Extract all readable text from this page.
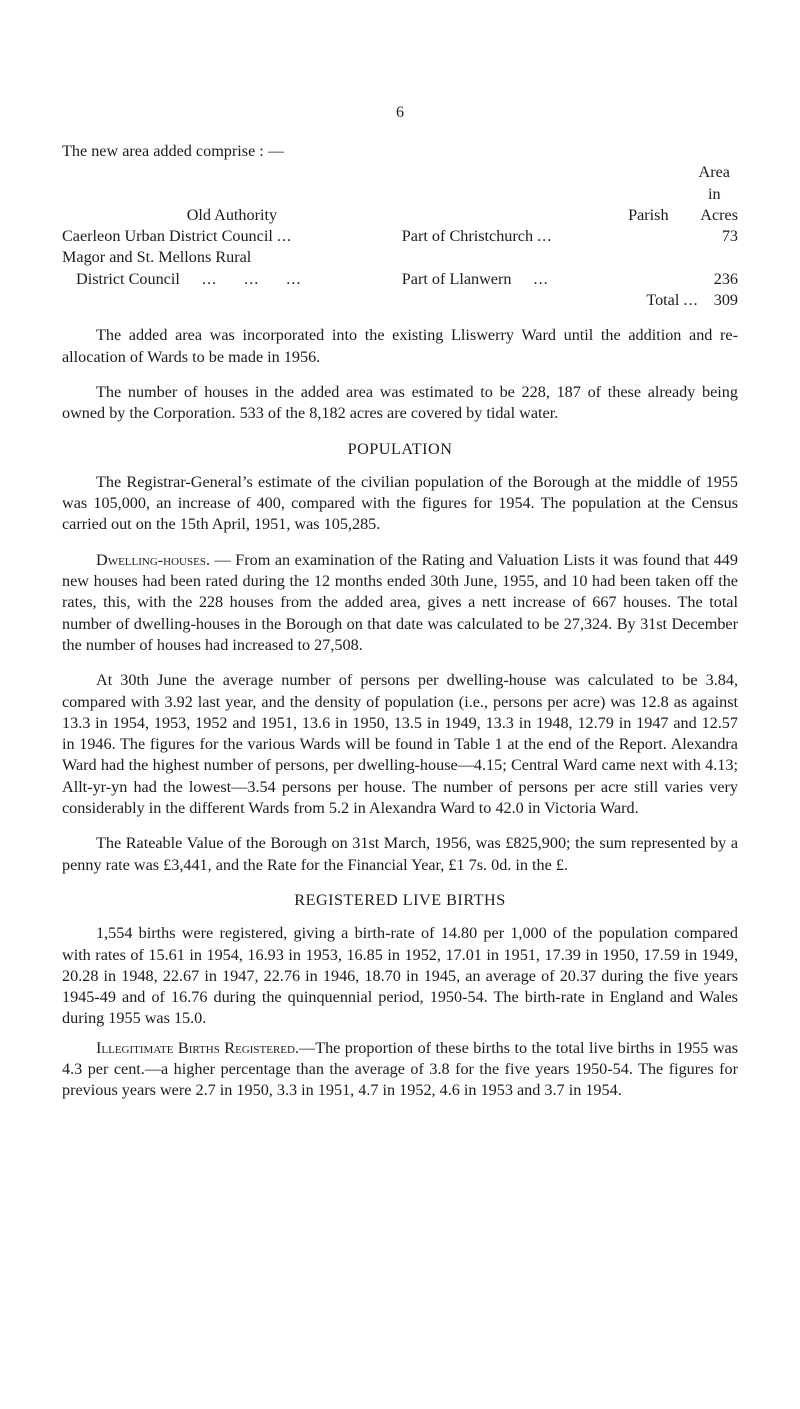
6

The new area added comprise : —

		Area in
Old Authority	Parish	Acres
Caerleon Urban District Council ...	Part of Christchurch ...	73
Magor and St. Mellons Rural		
District Council ... ... ...	Part of Llanwern ...	236
	Total ...	309

The added area was incorporated into the existing Lliswerry Ward until the addition and re-allocation of Wards to be made in 1956.

The number of houses in the added area was estimated to be 228, 187 of these already being owned by the Corporation. 533 of the 8,182 acres are covered by tidal water.

POPULATION

The Registrar-General’s estimate of the civilian population of the Borough at the middle of 1955 was 105,000, an increase of 400, compared with the figures for 1954. The population at the Census carried out on the 15th April, 1951, was 105,285.

Dwelling-houses. — From an examination of the Rating and Valuation Lists it was found that 449 new houses had been rated during the 12 months ended 30th June, 1955, and 10 had been taken off the rates, this, with the 228 houses from the added area, gives a nett increase of 667 houses. The total number of dwelling-houses in the Borough on that date was calculated to be 27,324. By 31st December the number of houses had increased to 27,508.

At 30th June the average number of persons per dwelling-house was calculated to be 3.84, compared with 3.92 last year, and the density of population (i.e., persons per acre) was 12.8 as against 13.3 in 1954, 1953, 1952 and 1951, 13.6 in 1950, 13.5 in 1949, 13.3 in 1948, 12.79 in 1947 and 12.57 in 1946. The figures for the various Wards will be found in Table 1 at the end of the Report. Alexandra Ward had the highest number of persons, per dwelling-house—4.15; Central Ward came next with 4.13; Allt-yr-yn had the lowest—3.54 persons per house. The number of persons per acre still varies very considerably in the different Wards from 5.2 in Alexandra Ward to 42.0 in Victoria Ward.

The Rateable Value of the Borough on 31st March, 1956, was £825,900; the sum represented by a penny rate was £3,441, and the Rate for the Financial Year, £1 7s. 0d. in the £.

REGISTERED LIVE BIRTHS

1,554 births were registered, giving a birth-rate of 14.80 per 1,000 of the population compared with rates of 15.61 in 1954, 16.93 in 1953, 16.85 in 1952, 17.01 in 1951, 17.39 in 1950, 17.59 in 1949, 20.28 in 1948, 22.67 in 1947, 22.76 in 1946, 18.70 in 1945, an average of 20.37 during the five years 1945-49 and of 16.76 during the quinquennial period, 1950-54. The birth-rate in England and Wales during 1955 was 15.0.

Illegitimate Births Registered.—The proportion of these births to the total live births in 1955 was 4.3 per cent.—a higher percentage than the average of 3.8 for the five years 1950-54. The figures for previous years were 2.7 in 1950, 3.3 in 1951, 4.7 in 1952, 4.6 in 1953 and 3.7 in 1954.
